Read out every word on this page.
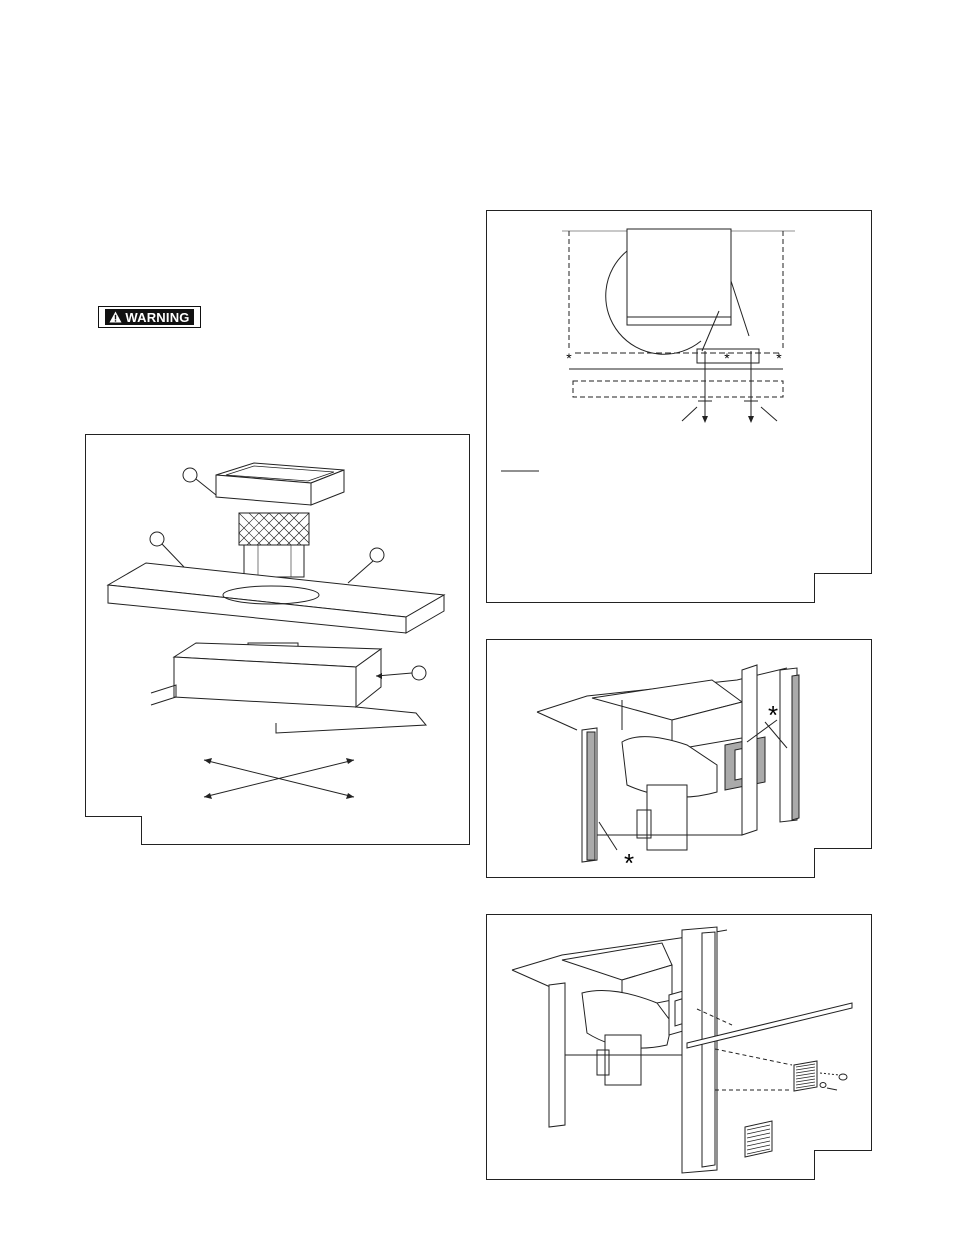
WARNING
*	*	*
*
*
